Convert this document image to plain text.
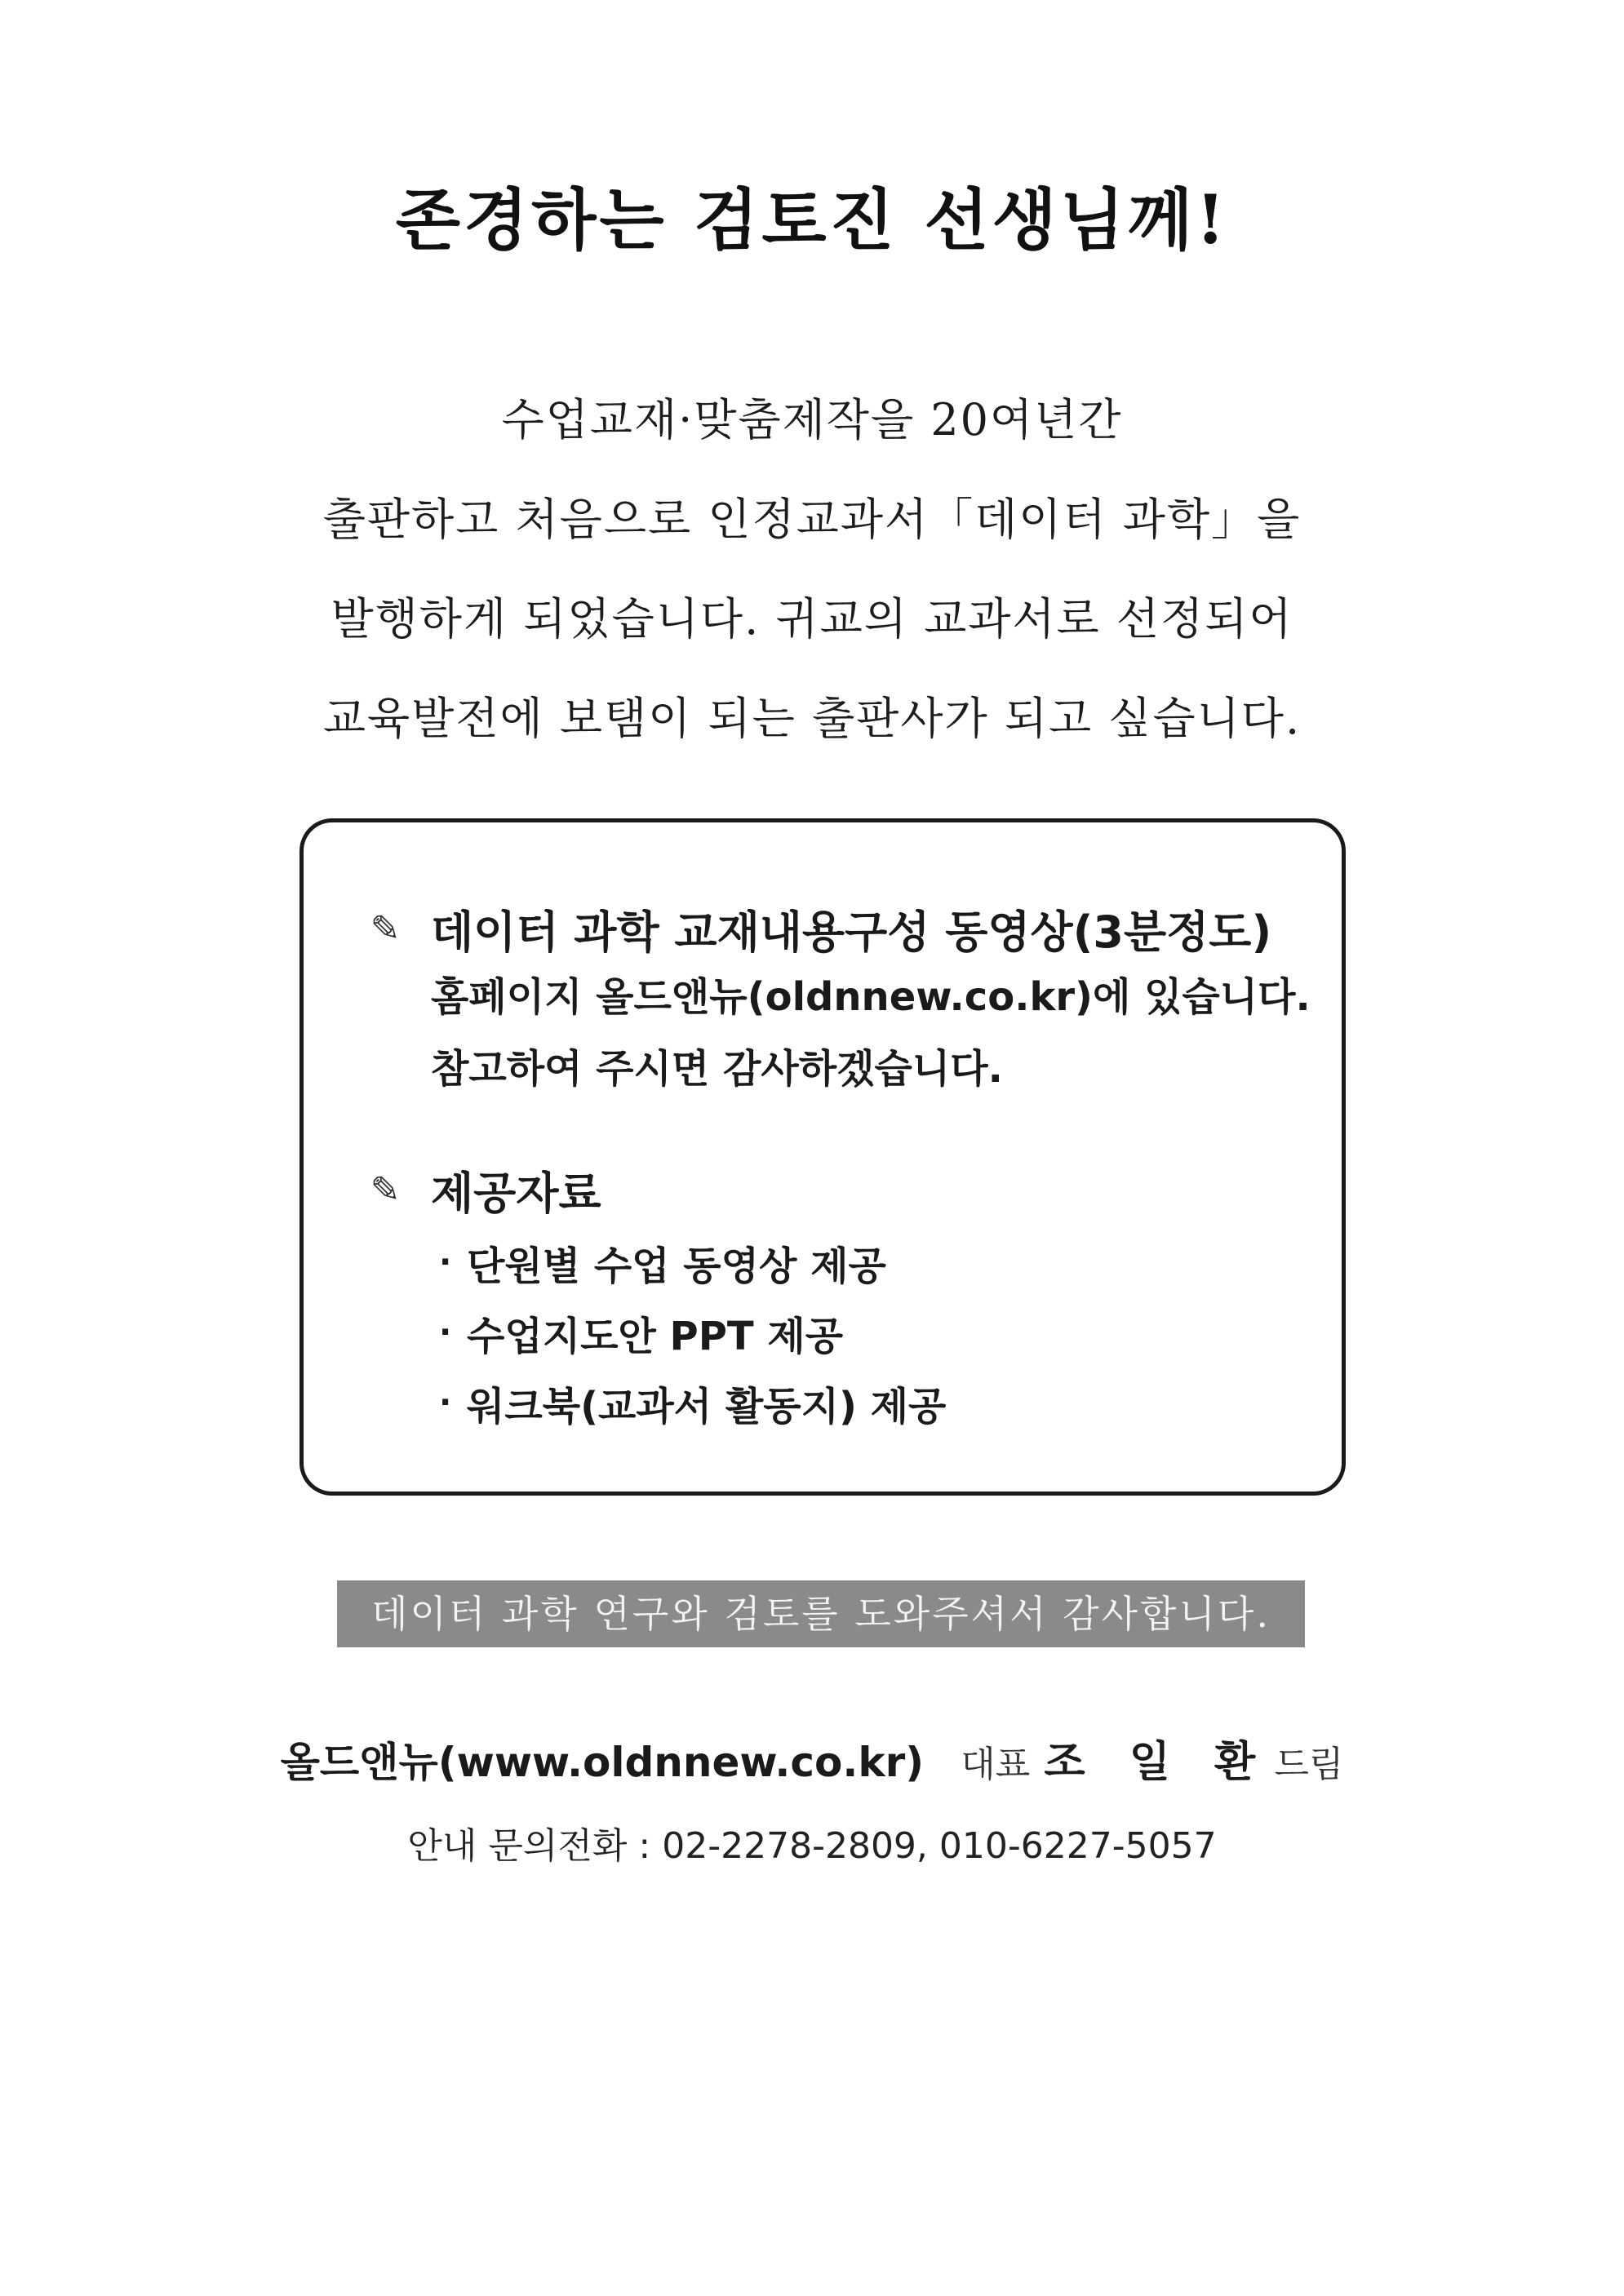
존경하는 검토진 선생님께!
수업교재·맞춤제작을 20여년간
출판하고 처음으로 인정교과서「데이터 과학」을
발행하게 되었습니다. 귀교의 교과서로 선정되어
교육발전에 보탬이 되는 출판사가 되고 싶습니다.
✎ 데이터 과학 교재내용구성 동영상(3분정도)
홈페이지 올드앤뉴(oldnnew.co.kr)에 있습니다.
참고하여 주시면 감사하겠습니다.
✎ 제공자료
· 단원별 수업 동영상 제공
· 수업지도안 PPT 제공
· 워크북(교과서 활동지) 제공
데이터 과학 연구와 검토를 도와주셔서 감사합니다.
올드앤뉴(www.oldnnew.co.kr) 대표 조 일 환 드림
안내 문의전화 : 02-2278-2809, 010-6227-5057
